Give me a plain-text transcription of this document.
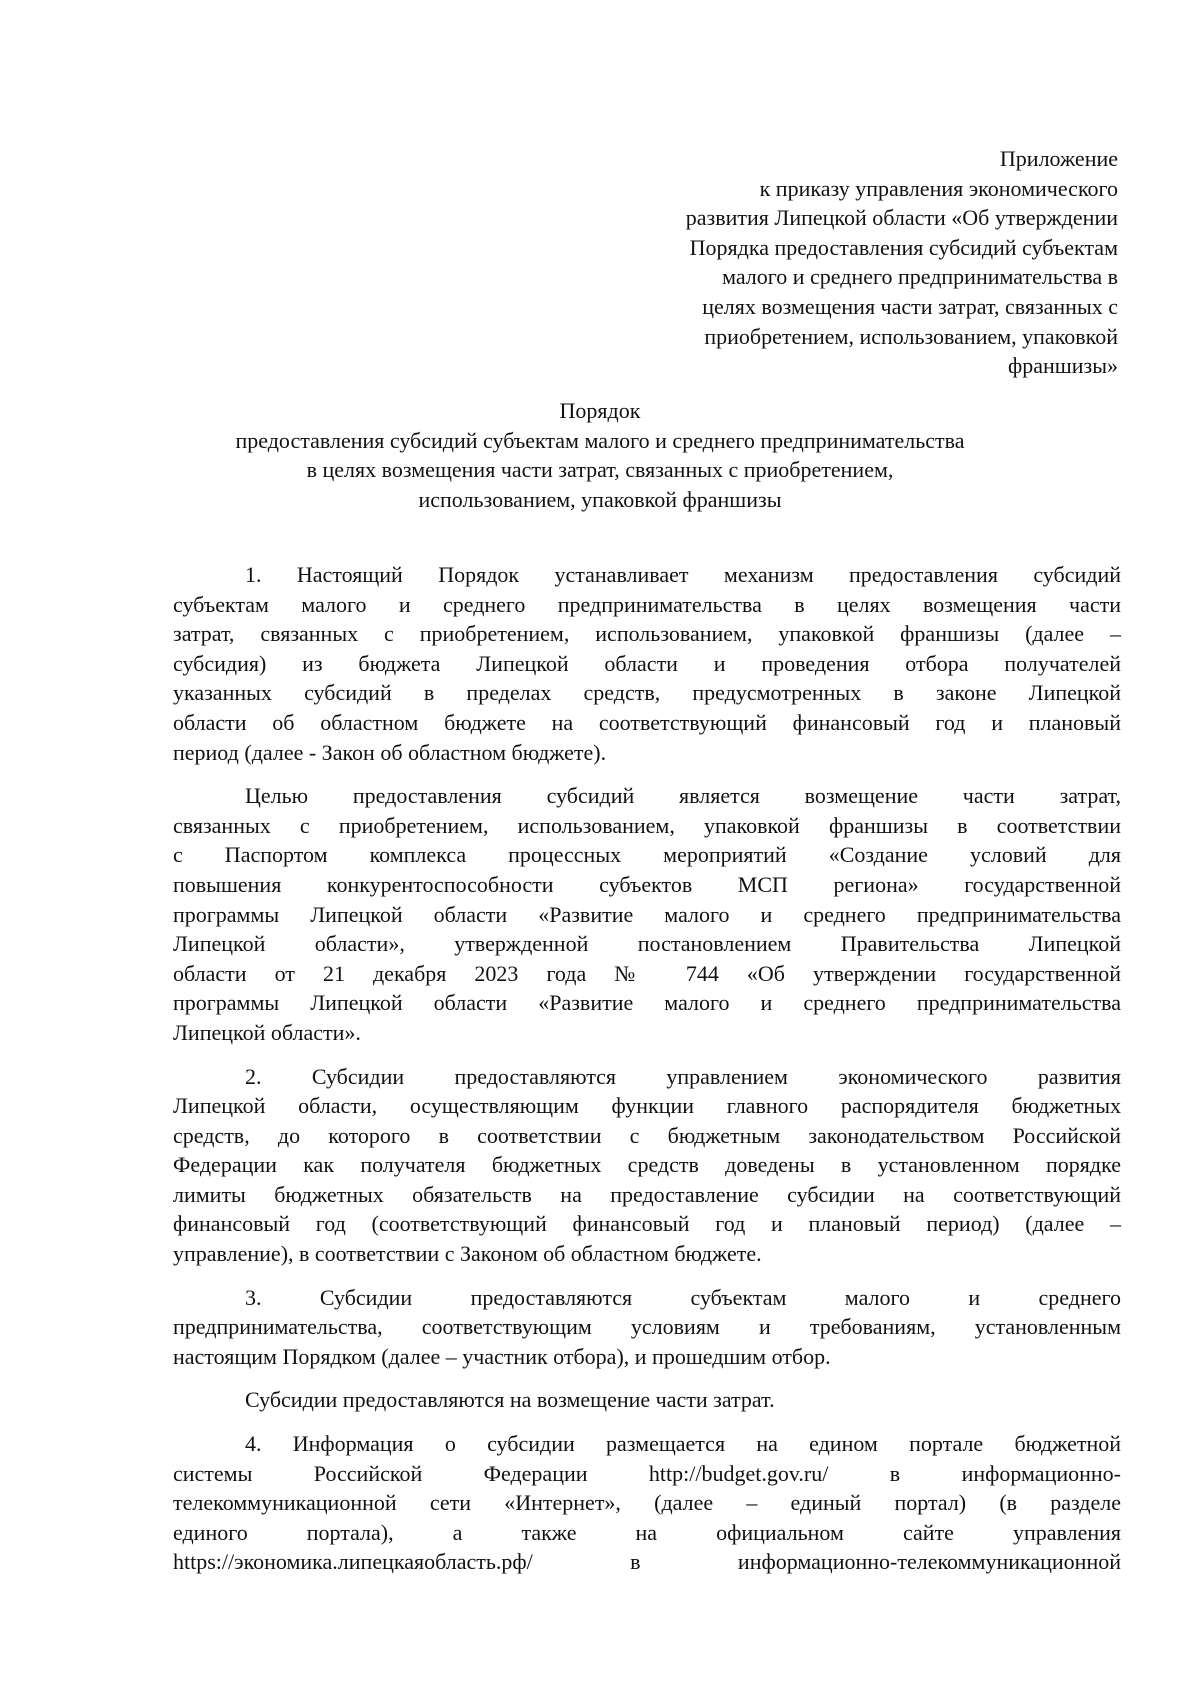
Приложение
к приказу управления экономического
развития Липецкой области «Об утверждении
Порядка предоставления субсидий субъектам
малого и среднего предпринимательства в
целях возмещения части затрат, связанных с
приобретением, использованием, упаковкой
франшизы»
Порядок
предоставления субсидий субъектам малого и среднего предпринимательства
в целях возмещения части затрат, связанных с приобретением,
использованием, упаковкой франшизы
1. Настоящий Порядок устанавливает механизм предоставления субсидий
субъектам малого и среднего предпринимательства в целях возмещения части
затрат, связанных с приобретением, использованием, упаковкой франшизы (далее –
субсидия) из бюджета Липецкой области и проведения отбора получателей
указанных субсидий в пределах средств, предусмотренных в законе Липецкой
области об областном бюджете на соответствующий финансовый год и плановый
период (далее - Закон об областном бюджете).
Целью предоставления субсидий является возмещение части затрат,
связанных с приобретением, использованием, упаковкой франшизы в соответствии
с Паспортом комплекса процессных мероприятий «Создание условий для
повышения конкурентоспособности субъектов МСП региона» государственной
программы Липецкой области «Развитие малого и среднего предпринимательства
Липецкой области», утвержденной постановлением Правительства Липецкой
области от 21 декабря 2023 года № 744 «Об утверждении государственной
программы Липецкой области «Развитие малого и среднего предпринимательства
Липецкой области».
2. Субсидии предоставляются управлением экономического развития
Липецкой области, осуществляющим функции главного распорядителя бюджетных
средств, до которого в соответствии с бюджетным законодательством Российской
Федерации как получателя бюджетных средств доведены в установленном порядке
лимиты бюджетных обязательств на предоставление субсидии на соответствующий
финансовый год (соответствующий финансовый год и плановый период) (далее –
управление), в соответствии с Законом об областном бюджете.
3. Субсидии предоставляются субъектам малого и среднего
предпринимательства, соответствующим условиям и требованиям, установленным
настоящим Порядком (далее – участник отбора), и прошедшим отбор.
Субсидии предоставляются на возмещение части затрат.
4. Информация о субсидии размещается на едином портале бюджетной
системы Российской Федерации http://budget.gov.ru/ в информационно-
телекоммуникационной сети «Интернет», (далее – единый портал) (в разделе
единого портала), а также на официальном сайте управления
https://экономика.липецкаяобласть.рф/ в информационно-телекоммуникационной
